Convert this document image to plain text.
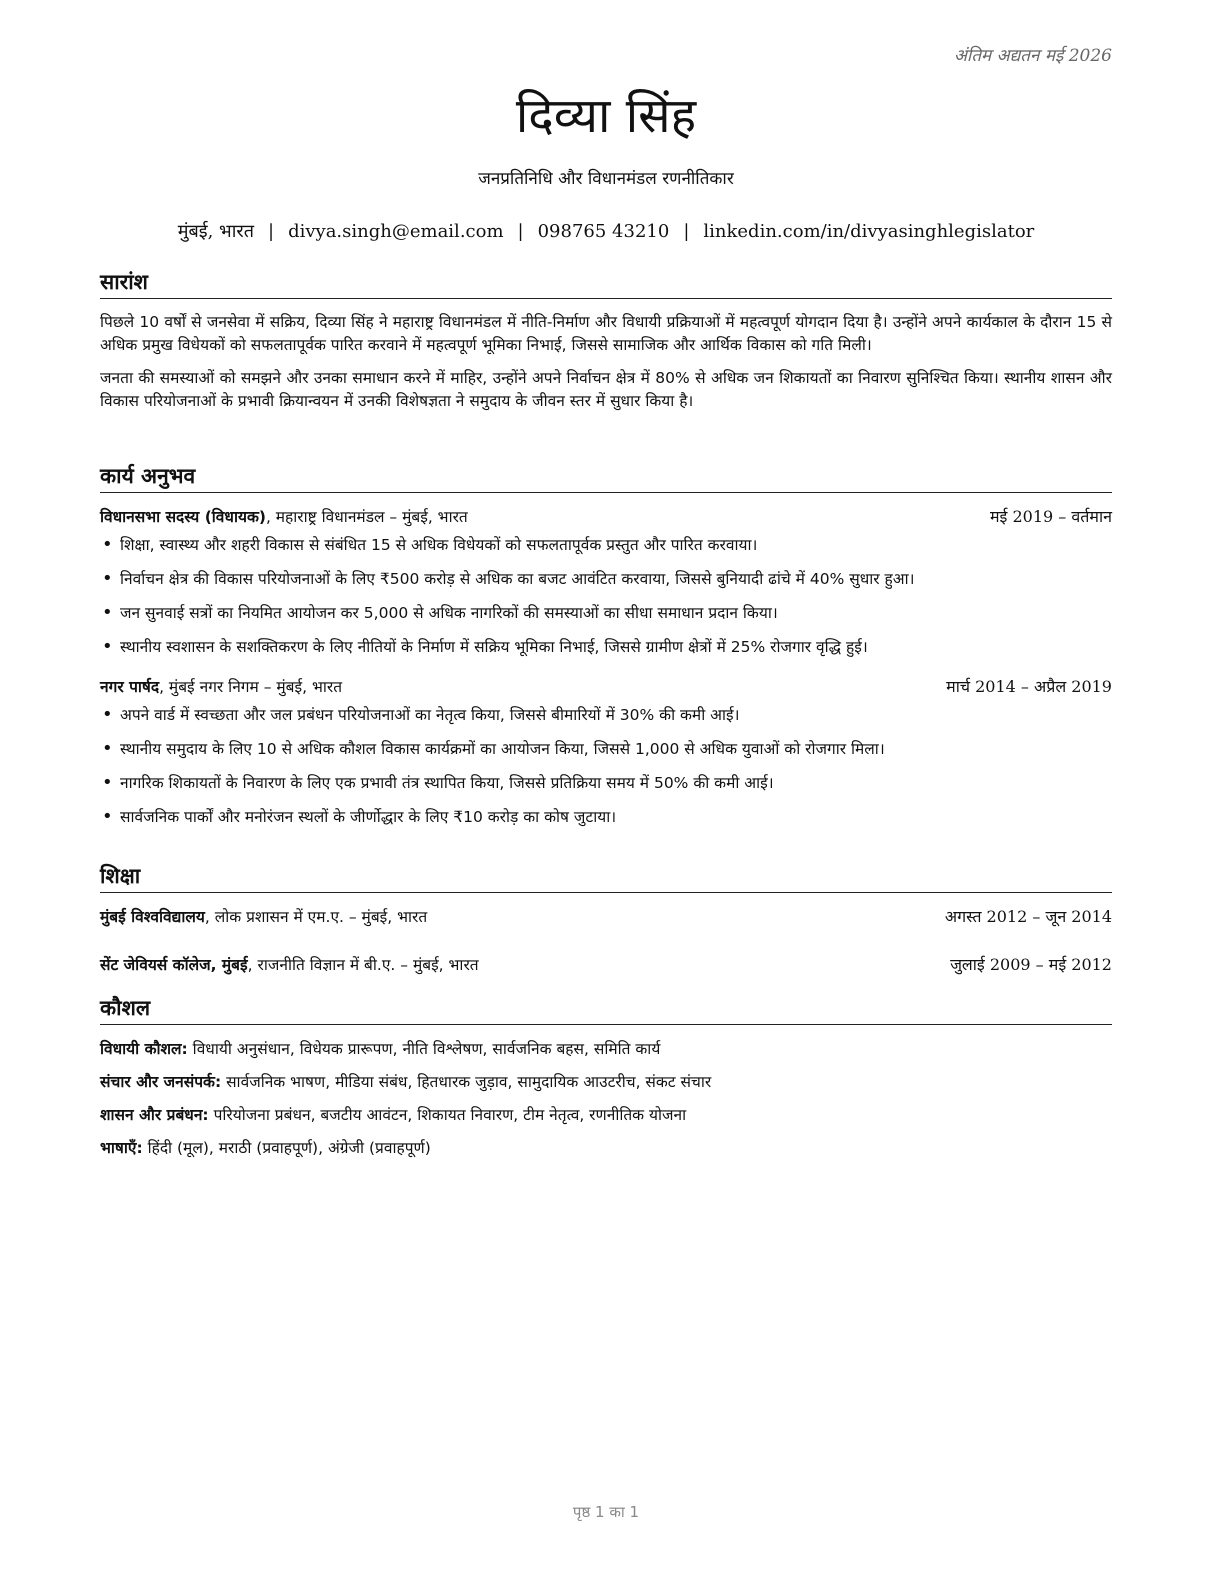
अंतिम अद्यतन मई 2026
दिव्या सिंह
जनप्रतिनिधि और विधानमंडल रणनीतिकार
मुंबई, भारत | divya.singh@email.com | 098765 43210 | linkedin.com/in/divyasinghlegislator
सारांश

पिछले 10 वर्षों से जनसेवा में सक्रिय, दिव्या सिंह ने महाराष्ट्र विधानमंडल में नीति-निर्माण और विधायी प्रक्रियाओं में महत्वपूर्ण योगदान दिया है। उन्होंने अपने कार्यकाल के दौरान 15 से अधिक प्रमुख विधेयकों को सफलतापूर्वक पारित करवाने में महत्वपूर्ण भूमिका निभाई, जिससे सामाजिक और आर्थिक विकास को गति मिली।

जनता की समस्याओं को समझने और उनका समाधान करने में माहिर, उन्होंने अपने निर्वाचन क्षेत्र में 80% से अधिक जन शिकायतों का निवारण सुनिश्चित किया। स्थानीय शासन और विकास परियोजनाओं के प्रभावी क्रियान्वयन में उनकी विशेषज्ञता ने समुदाय के जीवन स्तर में सुधार किया है।

कार्य अनुभव
विधानसभा सदस्य (विधायक), महाराष्ट्र विधानमंडल – मुंबई, भारत	मई 2019 – वर्तमान
• शिक्षा, स्वास्थ्य और शहरी विकास से संबंधित 15 से अधिक विधेयकों को सफलतापूर्वक प्रस्तुत और पारित करवाया।
• निर्वाचन क्षेत्र की विकास परियोजनाओं के लिए ₹500 करोड़ से अधिक का बजट आवंटित करवाया, जिससे बुनियादी ढांचे में 40% सुधार हुआ।
• जन सुनवाई सत्रों का नियमित आयोजन कर 5,000 से अधिक नागरिकों की समस्याओं का सीधा समाधान प्रदान किया।
• स्थानीय स्वशासन के सशक्तिकरण के लिए नीतियों के निर्माण में सक्रिय भूमिका निभाई, जिससे ग्रामीण क्षेत्रों में 25% रोजगार वृद्धि हुई।
नगर पार्षद, मुंबई नगर निगम – मुंबई, भारत	मार्च 2014 – अप्रैल 2019
• अपने वार्ड में स्वच्छता और जल प्रबंधन परियोजनाओं का नेतृत्व किया, जिससे बीमारियों में 30% की कमी आई।
• स्थानीय समुदाय के लिए 10 से अधिक कौशल विकास कार्यक्रमों का आयोजन किया, जिससे 1,000 से अधिक युवाओं को रोजगार मिला।
• नागरिक शिकायतों के निवारण के लिए एक प्रभावी तंत्र स्थापित किया, जिससे प्रतिक्रिया समय में 50% की कमी आई।
• सार्वजनिक पार्कों और मनोरंजन स्थलों के जीर्णोद्धार के लिए ₹10 करोड़ का कोष जुटाया।
शिक्षा
मुंबई विश्वविद्यालय, लोक प्रशासन में एम.ए. – मुंबई, भारत	अगस्त 2012 – जून 2014
सेंट जेवियर्स कॉलेज, मुंबई, राजनीति विज्ञान में बी.ए. – मुंबई, भारत	जुलाई 2009 – मई 2012
कौशल
विधायी कौशल: विधायी अनुसंधान, विधेयक प्रारूपण, नीति विश्लेषण, सार्वजनिक बहस, समिति कार्य
संचार और जनसंपर्क: सार्वजनिक भाषण, मीडिया संबंध, हितधारक जुड़ाव, सामुदायिक आउटरीच, संकट संचार
शासन और प्रबंधन: परियोजना प्रबंधन, बजटीय आवंटन, शिकायत निवारण, टीम नेतृत्व, रणनीतिक योजना
भाषाएँ: हिंदी (मूल), मराठी (प्रवाहपूर्ण), अंग्रेजी (प्रवाहपूर्ण)
पृष्ठ 1 का 1
